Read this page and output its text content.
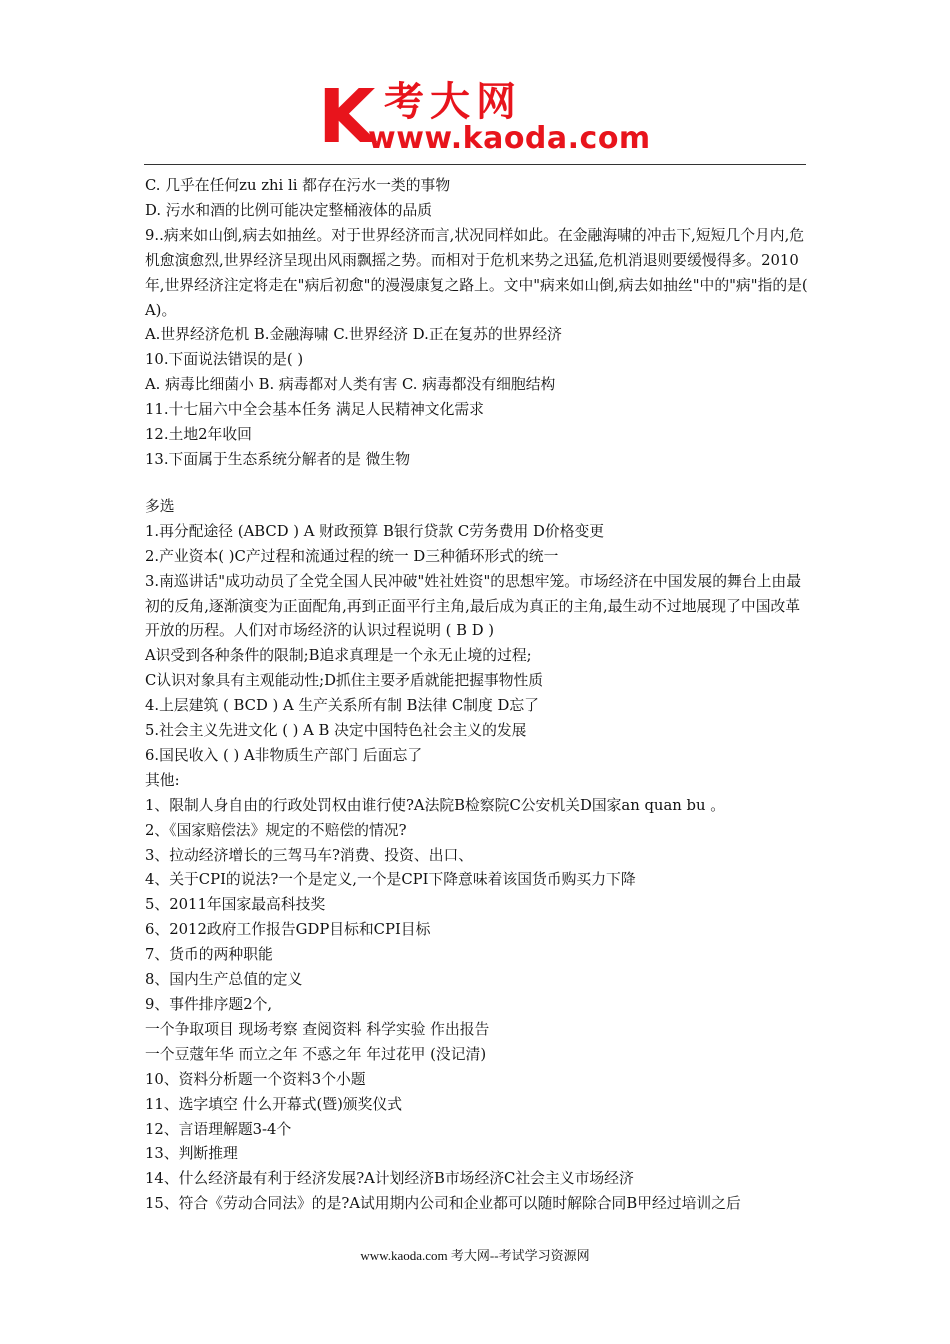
K 考大网
www.kaoda.com

C. 几乎在任何zu zhi li 都存在污水一类的事物

D. 污水和酒的比例可能决定整桶液体的品质

9..病来如山倒,病去如抽丝。对于世界经济而言,状况同样如此。在金融海啸的冲击下,短短几个月内,危机愈演愈烈,世界经济呈现出风雨飘摇之势。而相对于危机来势之迅猛,危机消退则要缓慢得多。2010年,世界经济注定将走在"病后初愈"的漫漫康复之路上。文中"病来如山倒,病去如抽丝"中的"病"指的是( A)。

A.世界经济危机 B.金融海啸 C.世界经济 D.正在复苏的世界经济

10.下面说法错误的是( )

A. 病毒比细菌小 B. 病毒都对人类有害 C. 病毒都没有细胞结构

11.十七届六中全会基本任务 满足人民精神文化需求

12.土地2年收回

13.下面属于生态系统分解者的是 微生物

多选

1.再分配途径 (ABCD ) A 财政预算 B银行贷款 C劳务费用 D价格变更

2.产业资本( )C产过程和流通过程的统一 D三种循环形式的统一

3.南巡讲话"成功动员了全党全国人民冲破"姓社姓资"的思想牢笼。市场经济在中国发展的舞台上由最初的反角,逐渐演变为正面配角,再到正面平行主角,最后成为真正的主角,最生动不过地展现了中国改革开放的历程。人们对市场经济的认识过程说明 ( B D )

A识受到各种条件的限制;B追求真理是一个永无止境的过程;

C认识对象具有主观能动性;D抓住主要矛盾就能把握事物性质

4.上层建筑 ( BCD ) A 生产关系所有制 B法律 C制度 D忘了

5.社会主义先进文化 ( ) A B 决定中国特色社会主义的发展

6.国民收入 ( ) A非物质生产部门 后面忘了

其他:

1、限制人身自由的行政处罚权由谁行使?A法院B检察院C公安机关D国家an quan bu 。

2、《国家赔偿法》规定的不赔偿的情况?

3、拉动经济增长的三驾马车?消费、投资、出口、

4、关于CPI的说法?一个是定义,一个是CPI下降意味着该国货币购买力下降

5、2011年国家最高科技奖

6、2012政府工作报告GDP目标和CPI目标

7、货币的两种职能

8、国内生产总值的定义

9、事件排序题2个,

一个争取项目 现场考察 查阅资料 科学实验 作出报告

一个豆蔻年华 而立之年 不惑之年 年过花甲 (没记清)

10、资料分析题一个资料3个小题

11、选字填空 什么开幕式(暨)颁奖仪式

12、言语理解题3-4个

13、判断推理

14、什么经济最有利于经济发展?A计划经济B市场经济C社会主义市场经济

15、符合《劳动合同法》的是?A试用期内公司和企业都可以随时解除合同B甲经过培训之后

www.kaoda.com 考大网--考试学习资源网
